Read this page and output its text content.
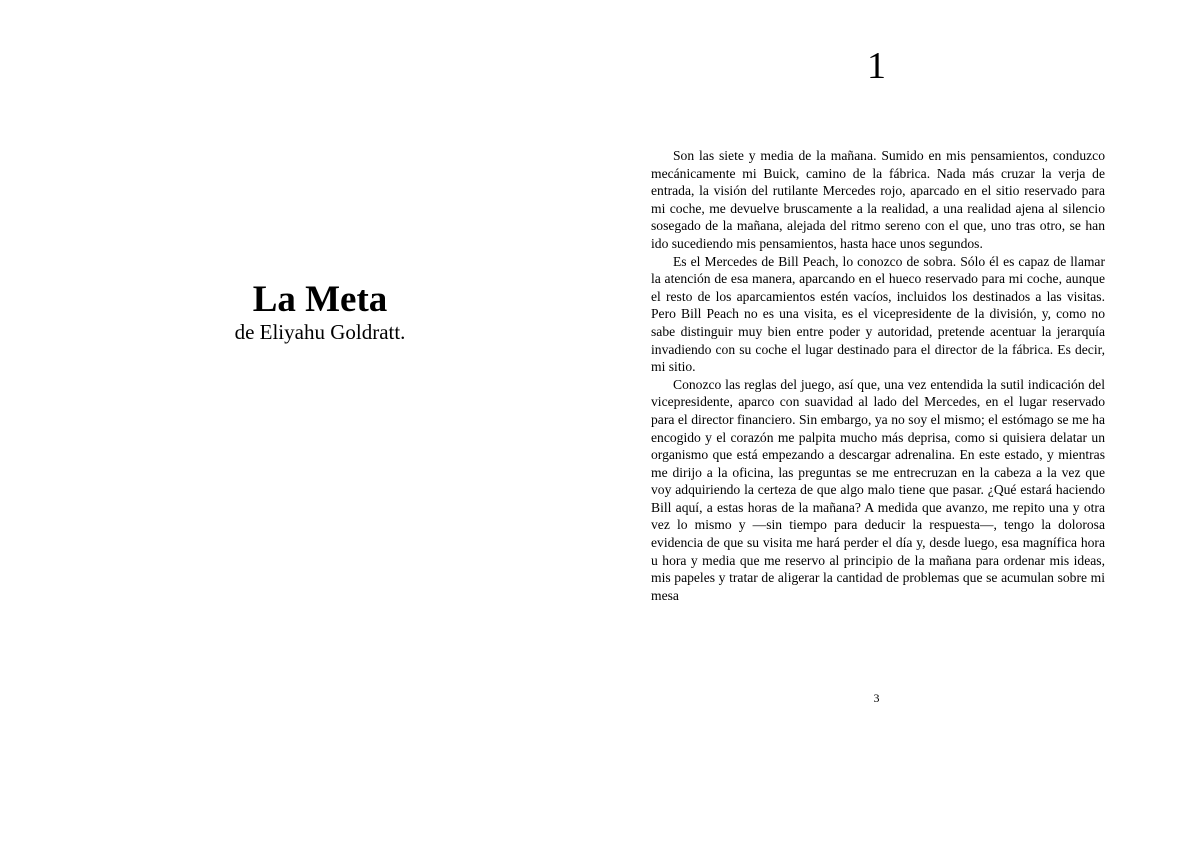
La Meta
de Eliyahu Goldratt.
1

Son las siete y media de la mañana. Sumido en mis pensamientos, conduzco mecánicamente mi Buick, camino de la fábrica. Nada más cruzar la verja de entrada, la visión del rutilante Mercedes rojo, aparcado en el sitio reservado para mi coche, me devuelve bruscamente a la realidad, a una realidad ajena al silencio sosegado de la mañana, alejada del ritmo sereno con el que, uno tras otro, se han ido sucediendo mis pensamientos, hasta hace unos segundos.

Es el Mercedes de Bill Peach, lo conozco de sobra. Sólo él es capaz de llamar la atención de esa manera, aparcando en el hueco reservado para mi coche, aunque el resto de los aparcamientos estén vacíos, incluidos los destinados a las visitas. Pero Bill Peach no es una visita, es el vicepresidente de la división, y, como no sabe distinguir muy bien entre poder y autoridad, pretende acentuar la jerarquía invadiendo con su coche el lugar destinado para el director de la fábrica. Es decir, mi sitio.

Conozco las reglas del juego, así que, una vez entendida la sutil indicación del vicepresidente, aparco con suavidad al lado del Mercedes, en el lugar reservado para el director financiero. Sin embargo, ya no soy el mismo; el estómago se me ha encogido y el corazón me palpita mucho más deprisa, como si quisiera delatar un organismo que está empezando a descargar adrenalina. En este estado, y mientras me dirijo a la oficina, las preguntas se me entrecruzan en la cabeza a la vez que voy adquiriendo la certeza de que algo malo tiene que pasar. ¿Qué estará haciendo Bill aquí, a estas horas de la mañana? A medida que avanzo, me repito una y otra vez lo mismo y —sin tiempo para deducir la respuesta—, tengo la dolorosa evidencia de que su visita me hará perder el día y, desde luego, esa magnífica hora u hora y media que me reservo al principio de la mañana para ordenar mis ideas, mis papeles y tratar de aligerar la cantidad de problemas que se acumulan sobre mi mesa

3
